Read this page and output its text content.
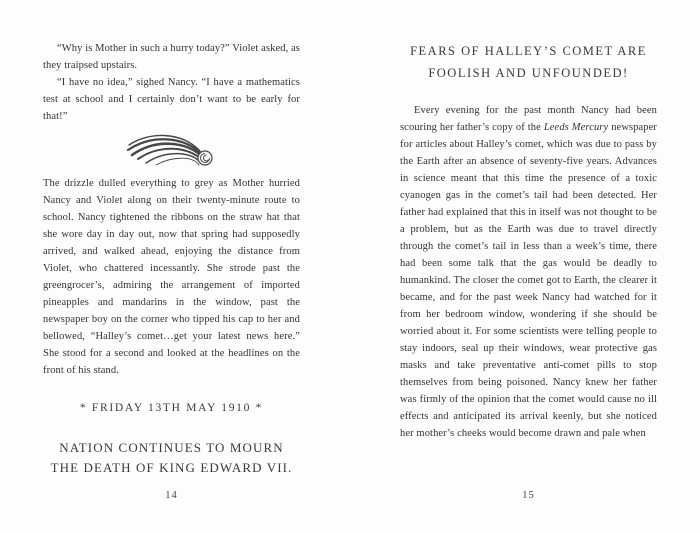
“Why is Mother in such a hurry today?” Violet asked, as they traipsed upstairs.

“I have no idea,” sighed Nancy. “I have a mathematics test at school and I certainly don’t want to be early for that!”

The drizzle dulled everything to grey as Mother hurried Nancy and Violet along on their twenty-minute route to school. Nancy tightened the ribbons on the straw hat that she wore day in day out, now that spring had supposedly arrived, and walked ahead, enjoying the distance from Violet, who chattered incessantly. She strode past the greengrocer’s, admiring the arrangement of imported pineapples and mandarins in the window, past the newspaper boy on the corner who tipped his cap to her and bellowed, “Halley’s comet…get your latest news here.” She stood for a second and looked at the headlines on the front of his stand.

* FRIDAY 13TH MAY 1910 *
NATION CONTINUES TO MOURN
THE DEATH OF KING EDWARD VII.
14
FEARS OF HALLEY’S COMET ARE
FOOLISH AND UNFOUNDED!

Every evening for the past month Nancy had been scouring her father’s copy of the Leeds Mercury newspaper for articles about Halley’s comet, which was due to pass by the Earth after an absence of seventy-five years. Advances in science meant that this time the presence of a toxic cyanogen gas in the comet’s tail had been detected. Her father had explained that this in itself was not thought to be a problem, but as the Earth was due to travel directly through the comet’s tail in less than a week’s time, there had been some talk that the gas would be deadly to humankind. The closer the comet got to Earth, the clearer it became, and for the past week Nancy had watched for it from her bedroom window, wondering if she should be worried about it. For some scientists were telling people to stay indoors, seal up their windows, wear protective gas masks and take preventative anti-comet pills to stop themselves from being poisoned. Nancy knew her father was firmly of the opinion that the comet would cause no ill effects and anticipated its arrival keenly, but she noticed her mother’s cheeks would become drawn and pale when

15
